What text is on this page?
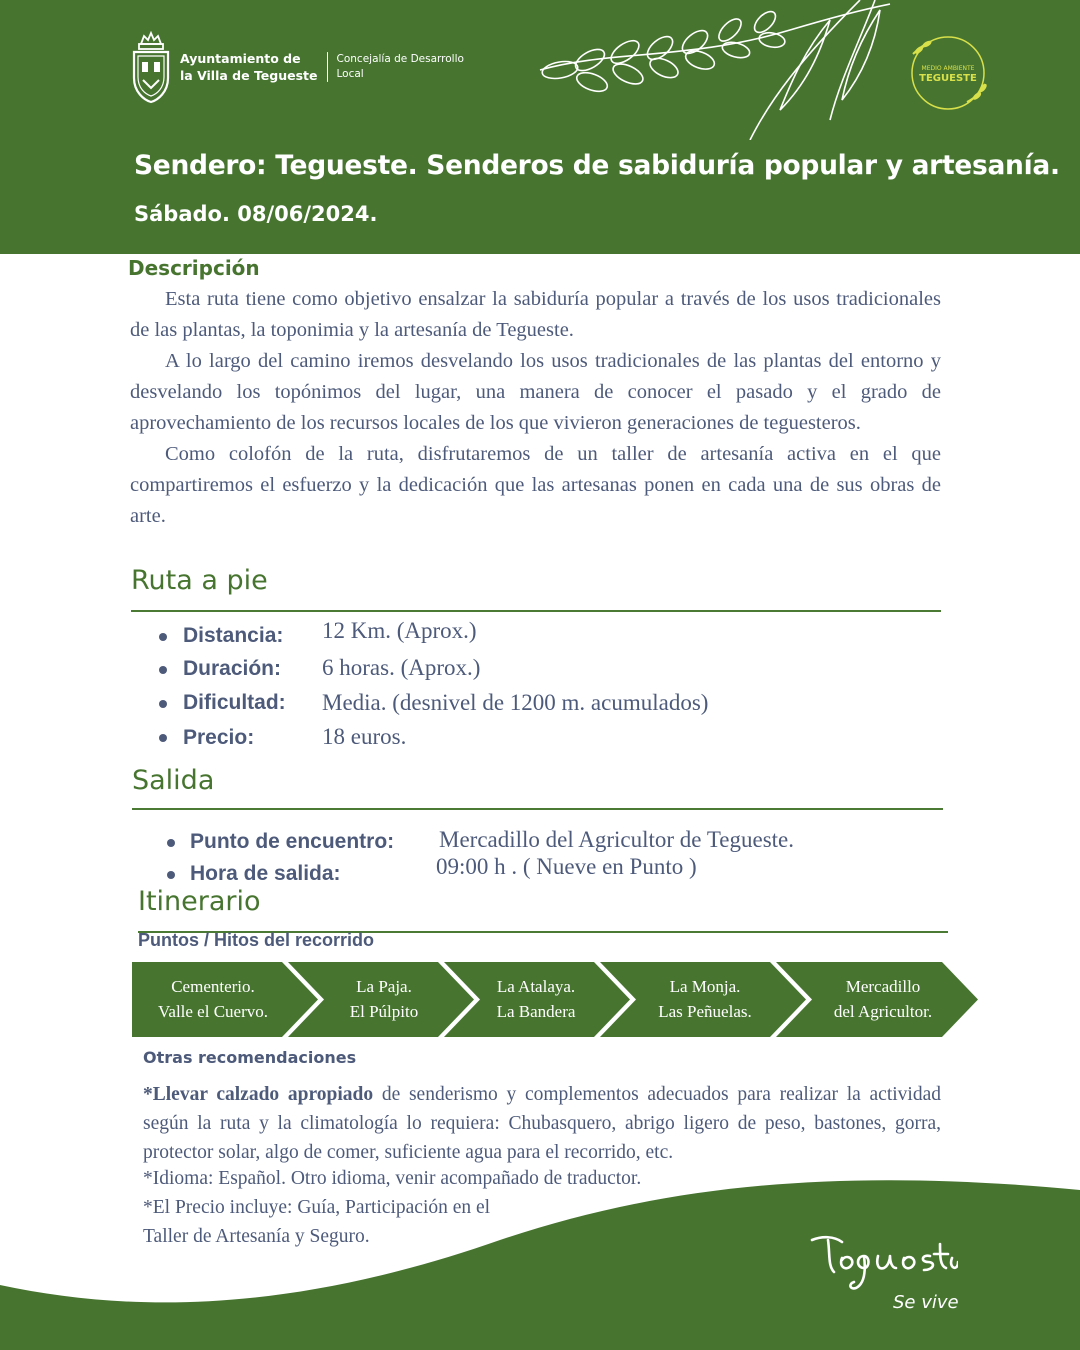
Ayuntamiento de
la Villa de Tegueste
Concejalía de Desarrollo
Local	MEDIO AMBIENTE
TEGUESTE
Sendero: Tegueste. Senderos de sabiduría popular y artesanía.
Sábado. 08/06/2024.
Descripción

Esta ruta tiene como objetivo ensalzar la sabiduría popular a través de los usos tradicionales de las plantas, la toponimia y la artesanía de Tegueste.

A lo largo del camino iremos desvelando los usos tradicionales de las plantas del entorno y desvelando los topónimos del lugar, una manera de conocer el pasado y el grado de aprovechamiento de los recursos locales de los que vivieron generaciones de teguesteros.

Como colofón de la ruta, disfrutaremos de un taller de artesanía activa en el que compartiremos el esfuerzo y la dedicación que las artesanas ponen en cada una de sus obras de arte.

Ruta a pie
Distancia: 12 Km. (Aprox.)
Duración: 6 horas. (Aprox.)
Dificultad: Media. (desnivel de 1200 m. acumulados)
Precio:	18 euros.
Salida
Punto de encuentro: Mercadillo del Agricultor de Tegueste.
Hora de salida:	09:00 h . ( Nueve en Punto )
Itinerario
Puntos / Hitos del recorrido
Cementerio.
Valle el Cuervo.
La Paja.
El Púlpito
La Atalaya.
La Bandera
La Monja.
Las Peñuelas.
Mercadillo
del Agricultor.
Otras recomendaciones
*Llevar calzado apropiado de senderismo y complementos adecuados para realizar la actividad según la ruta y la climatología lo requiera: Chubasquero, abrigo ligero de peso, bastones, gorra, protector solar, algo de comer, suficiente agua para el recorrido, etc.
*Idioma: Español. Otro idioma, venir acompañado de traductor.
*El Precio incluye: Guía, Participación en el
Taller de Artesanía y Seguro.
Se vive
